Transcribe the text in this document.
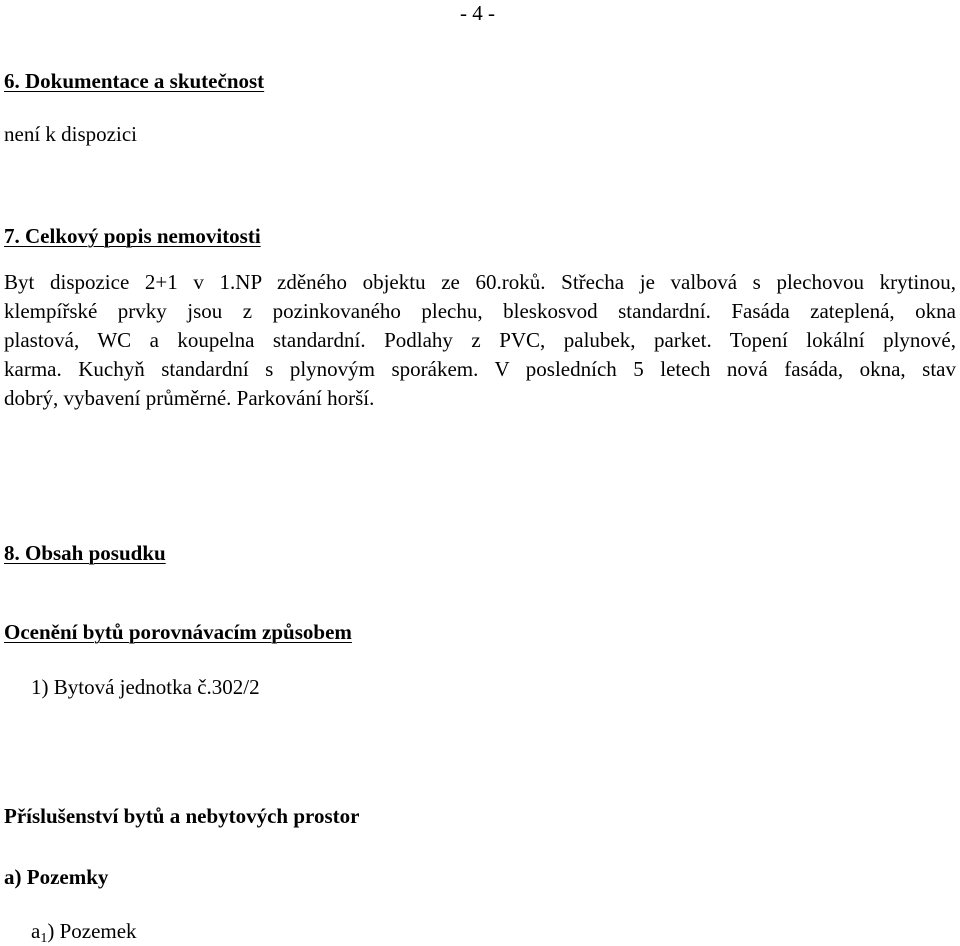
- 4 -
6. Dokumentace a skutečnost
není k dispozici
7. Celkový popis nemovitosti
Byt dispozice 2+1 v 1.NP zděného objektu ze 60.roků. Střecha je valbová s plechovou krytinou,
klempířské prvky jsou z pozinkovaného plechu, bleskosvod standardní. Fasáda zateplená, okna
plastová, WC a koupelna standardní. Podlahy z PVC, palubek, parket. Topení lokální plynové,
karma. Kuchyň standardní s plynovým sporákem. V posledních 5 letech nová fasáda, okna, stav
dobrý, vybavení průměrné. Parkování horší.
8. Obsah posudku
Ocenění bytů porovnávacím způsobem
1) Bytová jednotka č.302/2
Příslušenství bytů a nebytových prostor
a) Pozemky
$a_1$) Pozemek
